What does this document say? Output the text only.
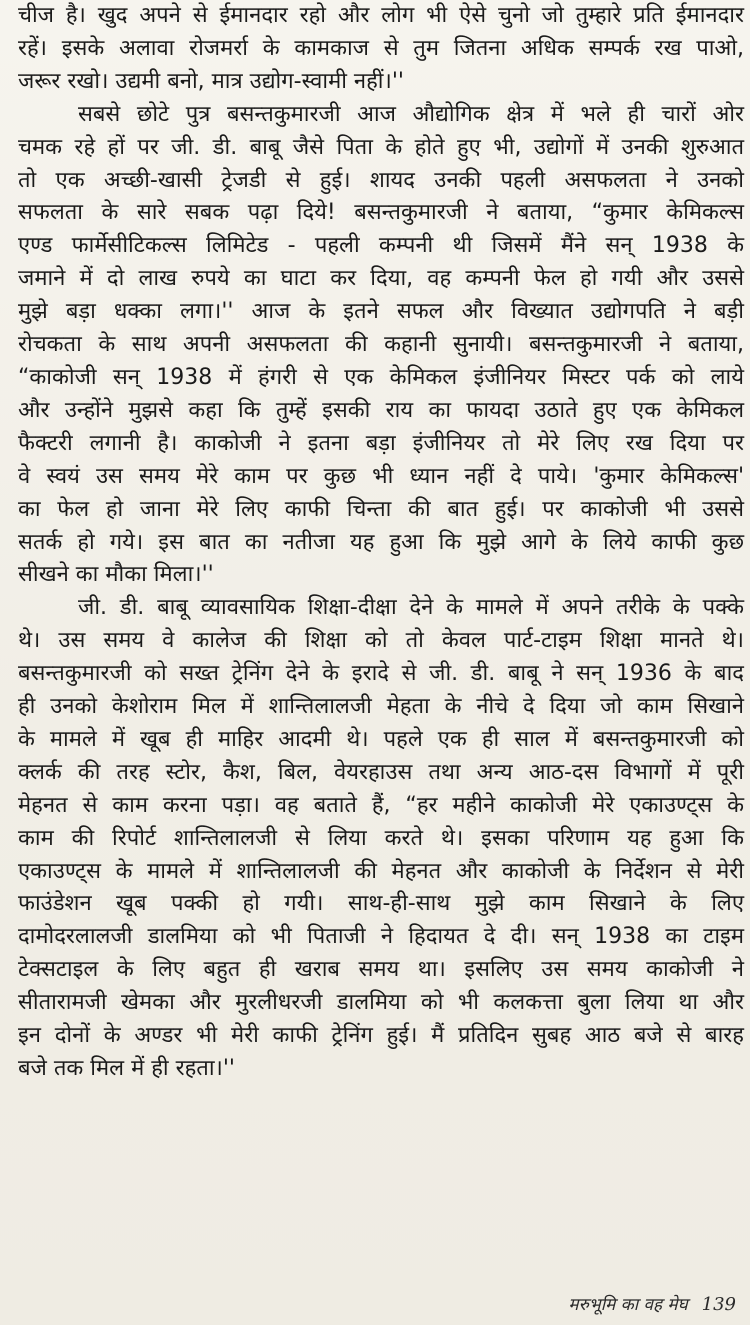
चीज है। खुद अपने से ईमानदार रहो और लोग भी ऐसे चुनो जो तुम्हारे प्रति ईमानदार
रहें। इसके अलावा रोजमर्रा के कामकाज से तुम जितना अधिक सम्पर्क रख पाओ,
जरूर रखो। उद्यमी बनो, मात्र उद्योग-स्वामी नहीं।''
सबसे छोटे पुत्र बसन्तकुमारजी आज औद्योगिक क्षेत्र में भले ही चारों ओर
चमक रहे हों पर जी. डी. बाबू जैसे पिता के होते हुए भी, उद्योगों में उनकी शुरुआत
तो एक अच्छी-खासी ट्रेजडी से हुई। शायद उनकी पहली असफलता ने उनको
सफलता के सारे सबक पढ़ा दिये! बसन्तकुमारजी ने बताया, “कुमार केमिकल्स
एण्ड फार्मेसीटिकल्स लिमिटेड - पहली कम्पनी थी जिसमें मैंने सन् 1938 के
जमाने में दो लाख रुपये का घाटा कर दिया, वह कम्पनी फेल हो गयी और उससे
मुझे बड़ा धक्का लगा।'' आज के इतने सफल और विख्यात उद्योगपति ने बड़ी
रोचकता के साथ अपनी असफलता की कहानी सुनायी। बसन्तकुमारजी ने बताया,
“काकोजी सन् 1938 में हंगरी से एक केमिकल इंजीनियर मिस्टर पर्क को लाये
और उन्होंने मुझसे कहा कि तुम्हें इसकी राय का फायदा उठाते हुए एक केमिकल
फैक्टरी लगानी है। काकोजी ने इतना बड़ा इंजीनियर तो मेरे लिए रख दिया पर
वे स्वयं उस समय मेरे काम पर कुछ भी ध्यान नहीं दे पाये। 'कुमार केमिकल्स'
का फेल हो जाना मेरे लिए काफी चिन्ता की बात हुई। पर काकोजी भी उससे
सतर्क हो गये। इस बात का नतीजा यह हुआ कि मुझे आगे के लिये काफी कुछ
सीखने का मौका मिला।''
जी. डी. बाबू व्यावसायिक शिक्षा-दीक्षा देने के मामले में अपने तरीके के पक्के
थे। उस समय वे कालेज की शिक्षा को तो केवल पार्ट-टाइम शिक्षा मानते थे।
बसन्तकुमारजी को सख्त ट्रेनिंग देने के इरादे से जी. डी. बाबू ने सन् 1936 के बाद
ही उनको केशोराम मिल में शान्तिलालजी मेहता के नीचे दे दिया जो काम सिखाने
के मामले में खूब ही माहिर आदमी थे। पहले एक ही साल में बसन्तकुमारजी को
क्लर्क की तरह स्टोर, कैश, बिल, वेयरहाउस तथा अन्य आठ-दस विभागों में पूरी
मेहनत से काम करना पड़ा। वह बताते हैं, “हर महीने काकोजी मेरे एकाउण्ट्स के
काम की रिपोर्ट शान्तिलालजी से लिया करते थे। इसका परिणाम यह हुआ कि
एकाउण्ट्स के मामले में शान्तिलालजी की मेहनत और काकोजी के निर्देशन से मेरी
फाउंडेशन खूब पक्की हो गयी। साथ-ही-साथ मुझे काम सिखाने के लिए
दामोदरलालजी डालमिया को भी पिताजी ने हिदायत दे दी। सन् 1938 का टाइम
टेक्सटाइल के लिए बहुत ही खराब समय था। इसलिए उस समय काकोजी ने
सीतारामजी खेमका और मुरलीधरजी डालमिया को भी कलकत्ता बुला लिया था और
इन दोनों के अण्डर भी मेरी काफी ट्रेनिंग हुई। मैं प्रतिदिन सुबह आठ बजे से बारह
बजे तक मिल में ही रहता।''
मरुभूमि का वह मेघ 139
